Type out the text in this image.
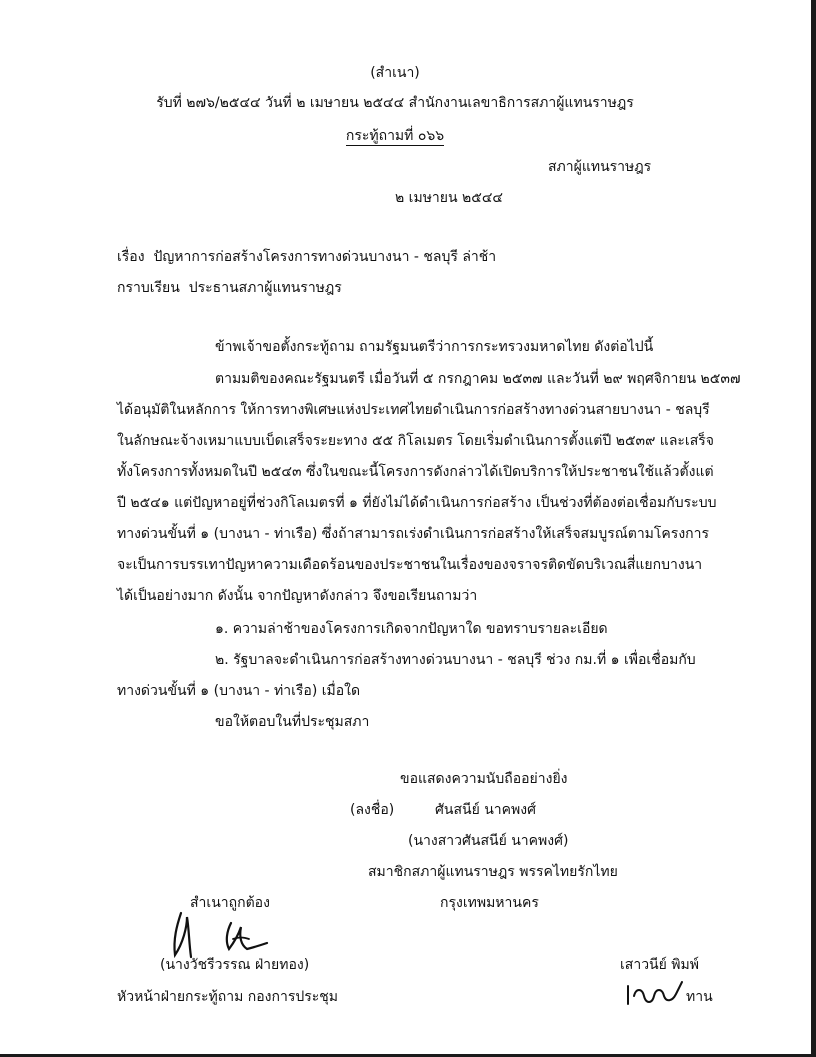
(สำเนา)
รับที่ ๒๗๖/๒๕๔๔ วันที่ ๒ เมษายน ๒๕๔๔ สำนักงานเลขาธิการสภาผู้แทนราษฎร
กระทู้ถามที่ ๐๖๖
สภาผู้แทนราษฎร
๒ เมษายน ๒๕๔๔
เรื่อง ปัญหาการก่อสร้างโครงการทางด่วนบางนา - ชลบุรี ล่าช้า
กราบเรียน ประธานสภาผู้แทนราษฎร
ข้าพเจ้าขอตั้งกระทู้ถาม ถามรัฐมนตรีว่าการกระทรวงมหาดไทย ดังต่อไปนี้
ตามมติของคณะรัฐมนตรี เมื่อวันที่ ๕ กรกฎาคม ๒๕๓๗ และวันที่ ๒๙ พฤศจิกายน ๒๕๓๗
ได้อนุมัติในหลักการ ให้การทางพิเศษแห่งประเทศไทยดำเนินการก่อสร้างทางด่วนสายบางนา - ชลบุรี
ในลักษณะจ้างเหมาแบบเบ็ดเสร็จระยะทาง ๕๕ กิโลเมตร โดยเริ่มดำเนินการตั้งแต่ปี ๒๕๓๙ และเสร็จ
ทั้งโครงการทั้งหมดในปี ๒๕๔๓ ซึ่งในขณะนี้โครงการดังกล่าวได้เปิดบริการให้ประชาชนใช้แล้วตั้งแต่
ปี ๒๕๔๑ แต่ปัญหาอยู่ที่ช่วงกิโลเมตรที่ ๑ ที่ยังไม่ได้ดำเนินการก่อสร้าง เป็นช่วงที่ต้องต่อเชื่อมกับระบบ
ทางด่วนขั้นที่ ๑ (บางนา - ท่าเรือ) ซึ่งถ้าสามารถเร่งดำเนินการก่อสร้างให้เสร็จสมบูรณ์ตามโครงการ
จะเป็นการบรรเทาปัญหาความเดือดร้อนของประชาชนในเรื่องของจราจรติดขัดบริเวณสี่แยกบางนา
ได้เป็นอย่างมาก ดังนั้น จากปัญหาดังกล่าว จึงขอเรียนถามว่า
๑. ความล่าช้าของโครงการเกิดจากปัญหาใด ขอทราบรายละเอียด
๒. รัฐบาลจะดำเนินการก่อสร้างทางด่วนบางนา - ชลบุรี ช่วง กม.ที่ ๑ เพื่อเชื่อมกับ
ทางด่วนขั้นที่ ๑ (บางนา - ท่าเรือ) เมื่อใด
ขอให้ตอบในที่ประชุมสภา
ขอแสดงความนับถืออย่างยิ่ง
(ลงชื่อ)	ศันสนีย์ นาคพงศ์
(นางสาวศันสนีย์ นาคพงศ์)
สมาชิกสภาผู้แทนราษฎร พรรคไทยรักไทย
กรุงเทพมหานคร
สำเนาถูกต้อง
(นางวัชรีวรรณ ฝ่ายทอง)
หัวหน้าฝ่ายกระทู้ถาม กองการประชุม
เสาวนีย์ พิมพ์
ทาน
